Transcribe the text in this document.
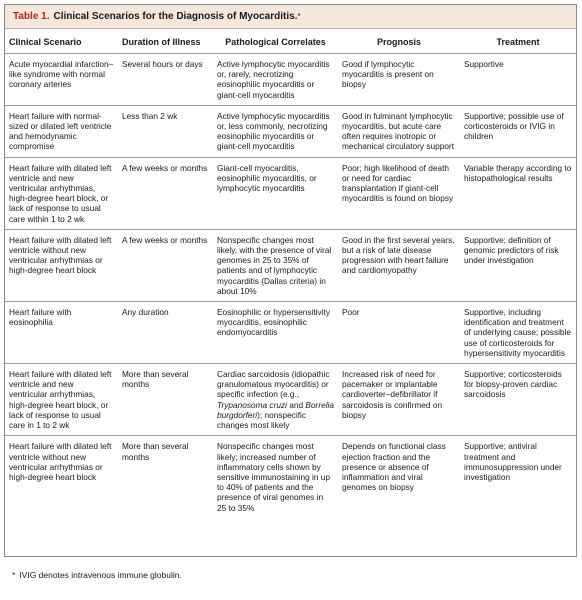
Table 1. Clinical Scenarios for the Diagnosis of Myocarditis. *
Clinical Scenario	Duration of Illness	Pathological Correlates	Prognosis	Treatment
Acute myocardial infarction–like syndrome with normal coronary arteries	Several hours or days	Active lymphocytic myocarditis or, rarely, necrotizing eosinophilic myocarditis or giant-cell myocarditis	Good if lymphocytic myocarditis is present on biopsy	Supportive
Heart failure with normal-sized or dilated left ventricle and hemodynamic compromise	Less than 2 wk	Active lymphocytic myocarditis or, less commonly, necrotizing eosinophilic myocarditis or giant-cell myocarditis	Good in fulminant lymphocytic myocarditis, but acute care often requires inotropic or mechanical circulatory support	Supportive; possible use of corticosteroids or IVIG in children
Heart failure with dilated left ventricle and new ventricular arrhythmias, high-degree heart block, or lack of response to usual care within 1 to 2 wk	A few weeks or months	Giant-cell myocarditis, eosinophilic myocarditis, or lymphocytic myocarditis	Poor; high likelihood of death or need for cardiac transplantation if giant-cell myocarditis is found on biopsy	Variable therapy according to histopathological results
Heart failure with dilated left ventricle without new ventricular arrhythmias or high-degree heart block	A few weeks or months	Nonspecific changes most likely, with the presence of viral genomes in 25 to 35% of patients and of lymphocytic myocarditis (Dallas criteria) in about 10%	Good in the first several years, but a risk of late disease progression with heart failure and cardiomyopathy	Supportive; definition of genomic predictors of risk under investigation
Heart failure with eosinophilia	Any duration	Eosinophilic or hypersensitivity myocarditis, eosinophilic endomyocarditis	Poor	Supportive, including identification and treatment of underlying cause; possible use of corticosteroids for hypersensitivity myocarditis
Heart failure with dilated left ventricle and new ventricular arrhythmias, high-degree heart block, or lack of response to usual care in 1 to 2 wk	More than several months	Cardiac sarcoidosis (idiopathic granulomatous myocarditis) or specific infection (e.g., Trypanosoma cruzi and Borrelia burgdorferi); nonspecific changes most likely	Increased risk of need for pacemaker or implantable cardioverter–defibrillator if sarcoidosis is confirmed on biopsy	Supportive; corticosteroids for biopsy-proven cardiac sarcoidosis
Heart failure with dilated left ventricle without new ventricular arrhythmias or high-degree heart block	More than several months	Nonspecific changes most likely; increased number of inflammatory cells shown by sensitive immunostaining in up to 40% of patients and the presence of viral genomes in 25 to 35%	Depends on functional class ejection fraction and the presence or absence of inflammation and viral genomes on biopsy	Supportive; antiviral treatment and immunosuppression under investigation
* IVIG denotes intravenous immune globulin.
